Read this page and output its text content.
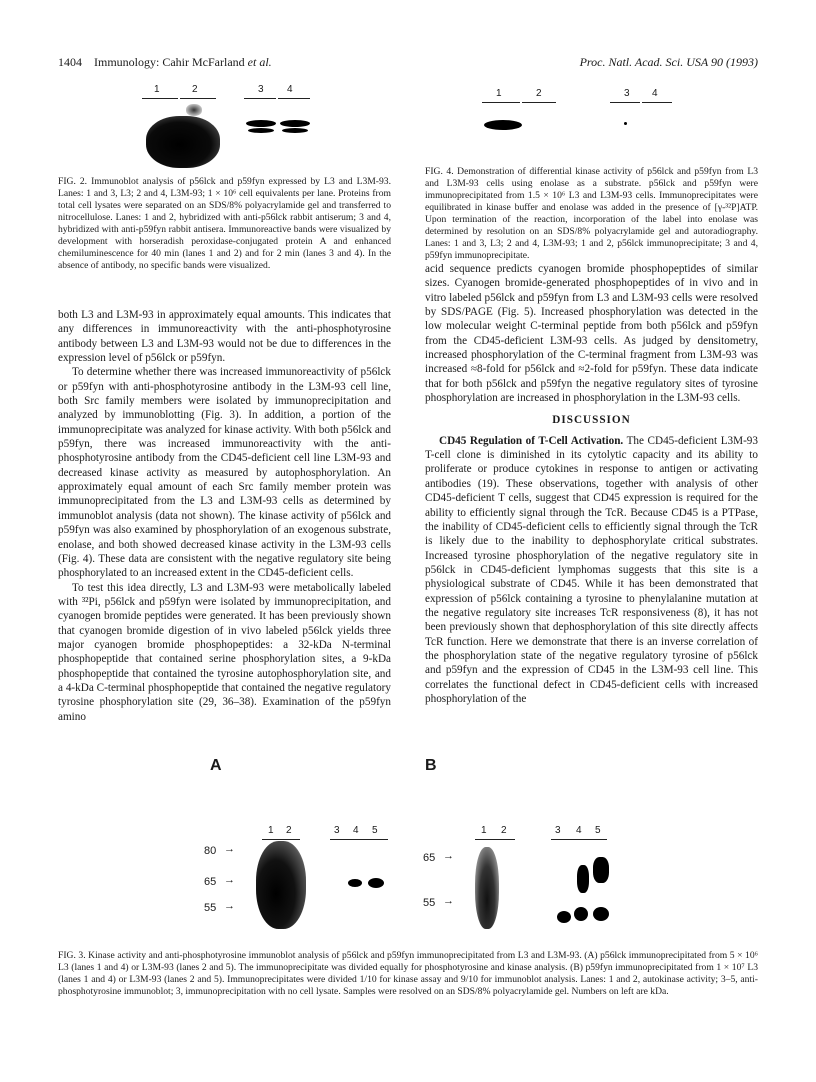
1404 Immunology: Cahir McFarland et al.	Proc. Natl. Acad. Sci. USA 90 (1993)
1	2	3 4	1	2	3 4
FIG. 2. Immunoblot analysis of p56lck and p59fyn expressed by L3 and L3M-93. Lanes: 1 and 3, L3; 2 and 4, L3M-93; 1 × 10⁶ cell equivalents per lane. Proteins from total cell lysates were separated on an SDS/8% polyacrylamide gel and transferred to nitrocellulose. Lanes: 1 and 2, hybridized with anti-p56lck rabbit antiserum; 3 and 4, hybridized with anti-p59fyn rabbit antisera. Immunoreactive bands were visualized by development with horseradish peroxidase-conjugated protein A and enhanced chemiluminescence for 40 min (lanes 1 and 2) and for 2 min (lanes 3 and 4). In the absence of antibody, no specific bands were visualized.
FIG. 4. Demonstration of differential kinase activity of p56lck and p59fyn from L3 and L3M-93 cells using enolase as a substrate. p56lck and p59fyn were immunoprecipitated from 1.5 × 10⁶ L3 and L3M-93 cells. Immunoprecipitates were equilibrated in kinase buffer and enolase was added in the presence of [γ-³²P]ATP. Upon termination of the reaction, incorporation of the label into enolase was determined by resolution on an SDS/8% polyacrylamide gel and autoradiography. Lanes: 1 and 3, L3; 2 and 4, L3M-93; 1 and 2, p56lck immunoprecipitate; 3 and 4, p59fyn immunoprecipitate.

both L3 and L3M-93 in approximately equal amounts. This indicates that any differences in immunoreactivity with the anti-phosphotyrosine antibody between L3 and L3M-93 would not be due to differences in the expression level of p56lck or p59fyn.

To determine whether there was increased immunoreactivity of p56lck or p59fyn with anti-phosphotyrosine antibody in the L3M-93 cell line, both Src family members were isolated by immunoprecipitation and analyzed by immunoblotting (Fig. 3). In addition, a portion of the immunoprecipitate was analyzed for kinase activity. With both p56lck and p59fyn, there was increased immunoreactivity with the anti-phosphotyrosine antibody from the CD45-deficient cell line L3M-93 and decreased kinase activity as measured by autophosphorylation. An approximately equal amount of each Src family member protein was immunoprecipitated from the L3 and L3M-93 cells as determined by immunoblot analysis (data not shown). The kinase activity of p56lck and p59fyn was also examined by phosphorylation of an exogenous substrate, enolase, and both showed decreased kinase activity in the L3M-93 cells (Fig. 4). These data are consistent with the negative regulatory site being phosphorylated to an increased extent in the CD45-deficient cells.

To test this idea directly, L3 and L3M-93 were metabolically labeled with ³²Pi, p56lck and p59fyn were isolated by immunoprecipitation, and cyanogen bromide peptides were generated. It has been previously shown that cyanogen bromide digestion of in vivo labeled p56lck yields three major cyanogen bromide phosphopeptides: a 32-kDa N-terminal phosphopeptide that contained serine phosphorylation sites, a 9-kDa phosphopeptide that contained the tyrosine autophosphorylation site, and a 4-kDa C-terminal phosphopeptide that contained the negative regulatory tyrosine phosphorylation site (29, 36–38). Examination of the p59fyn amino

acid sequence predicts cyanogen bromide phosphopeptides of similar sizes. Cyanogen bromide-generated phosphopeptides of in vivo and in vitro labeled p56lck and p59fyn from L3 and L3M-93 cells were resolved by SDS/PAGE (Fig. 5). Increased phosphorylation was detected in the low molecular weight C-terminal peptide from both p56lck and p59fyn from the CD45-deficient L3M-93 cells. As judged by densitometry, increased phosphorylation of the C-terminal fragment from L3M-93 was increased ≈8-fold for p56lck and ≈2-fold for p59fyn. These data indicate that for both p56lck and p59fyn the negative regulatory sites of tyrosine phosphorylation are increased in phosphorylation in the L3M-93 cells.

DISCUSSION

CD45 Regulation of T-Cell Activation. The CD45-deficient L3M-93 T-cell clone is diminished in its cytolytic capacity and its ability to proliferate or produce cytokines in response to antigen or activating antibodies (19). These observations, together with analysis of other CD45-deficient T cells, suggest that CD45 expression is required for the ability to efficiently signal through the TcR. Because CD45 is a PTPase, the inability of CD45-deficient cells to efficiently signal through the TcR is likely due to the inability to dephosphorylate critical substrates. Increased tyrosine phosphorylation of the negative regulatory site in p56lck in CD45-deficient lymphomas suggests that this site is a physiological substrate of CD45. While it has been demonstrated that expression of p56lck containing a tyrosine to phenylalanine mutation at the negative regulatory site increases TcR responsiveness (8), it has not been previously shown that dephosphorylation of this site directly affects TcR function. Here we demonstrate that there is an inverse correlation of the phosphorylation state of the negative regulatory tyrosine of p56lck and p59fyn and the expression of CD45 in the L3M-93 cell line. This correlates the functional defect in CD45-deficient cells with increased phosphorylation of the

A
1 2	3 4 5
80 →
65 →
55 →
B
1 2	3 4 5
65 →
55 →
FIG. 3. Kinase activity and anti-phosphotyrosine immunoblot analysis of p56lck and p59fyn immunoprecipitated from L3 and L3M-93. (A) p56lck immunoprecipitated from 5 × 10⁶ L3 (lanes 1 and 4) or L3M-93 (lanes 2 and 5). The immunoprecipitate was divided equally for phosphotyrosine and kinase analysis. (B) p59fyn immunoprecipitated from 1 × 10⁷ L3 (lanes 1 and 4) or L3M-93 (lanes 2 and 5). Immunoprecipitates were divided 1/10 for kinase assay and 9/10 for immunoblot analysis. Lanes: 1 and 2, autokinase activity; 3–5, anti-phosphotyrosine immunoblot; 3, immunoprecipitation with no cell lysate. Samples were resolved on an SDS/8% polyacrylamide gel. Numbers on left are kDa.
